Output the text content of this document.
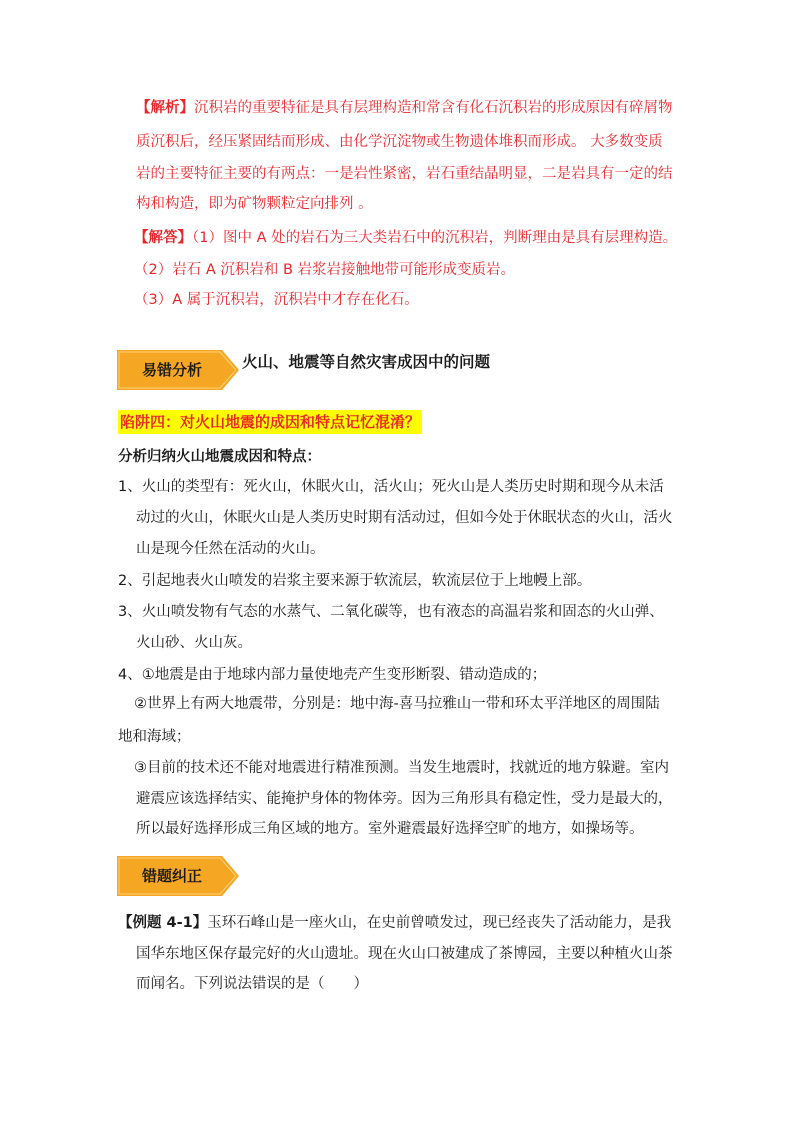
【解析】沉积岩的重要特征是具有层理构造和常含有化石沉积岩的形成原因有碎屑物
质沉积后，经压紧固结而形成、由化学沉淀物或生物遗体堆积而形成。 大多数变质
岩的主要特征主要的有两点：一是岩性紧密，岩石重结晶明显，二是岩具有一定的结
构和构造，即为矿物颗粒定向排列 。
【解答】（1）图中 A 处的岩石为三大类岩石中的沉积岩，判断理由是具有层理构造。
（2）岩石 A 沉积岩和 B 岩浆岩接触地带可能形成变质岩。
（3）A 属于沉积岩，沉积岩中才存在化石。
易错分析	火山、地震等自然灾害成因中的问题
陷阱四：对火山地震的成因和特点记忆混淆？
分析归纳火山地震成因和特点：
1、火山的类型有：死火山，休眠火山，活火山；死火山是人类历史时期和现今从未活
动过的火山，休眠火山是人类历史时期有活动过，但如今处于休眠状态的火山，活火
山是现今任然在活动的火山。
2、引起地表火山喷发的岩浆主要来源于软流层，软流层位于上地幔上部。
3、火山喷发物有气态的水蒸气、二氧化碳等，也有液态的高温岩浆和固态的火山弹、
火山砂、火山灰。
4、①地震是由于地球内部力量使地壳产生变形断裂、错动造成的；
②世界上有两大地震带，分别是：地中海-喜马拉雅山一带和环太平洋地区的周围陆
地和海域；
③目前的技术还不能对地震进行精准预测。当发生地震时，找就近的地方躲避。室内
避震应该选择结实、能掩护身体的物体旁。因为三角形具有稳定性，受力是最大的，
所以最好选择形成三角区域的地方。室外避震最好选择空旷的地方，如操场等。
错题纠正
【例题 4-1】玉环石峰山是一座火山，在史前曾喷发过，现已经丧失了活动能力，是我
国华东地区保存最完好的火山遗址。现在火山口被建成了茶博园，主要以种植火山茶
而闻名。下列说法错误的是（　　）
